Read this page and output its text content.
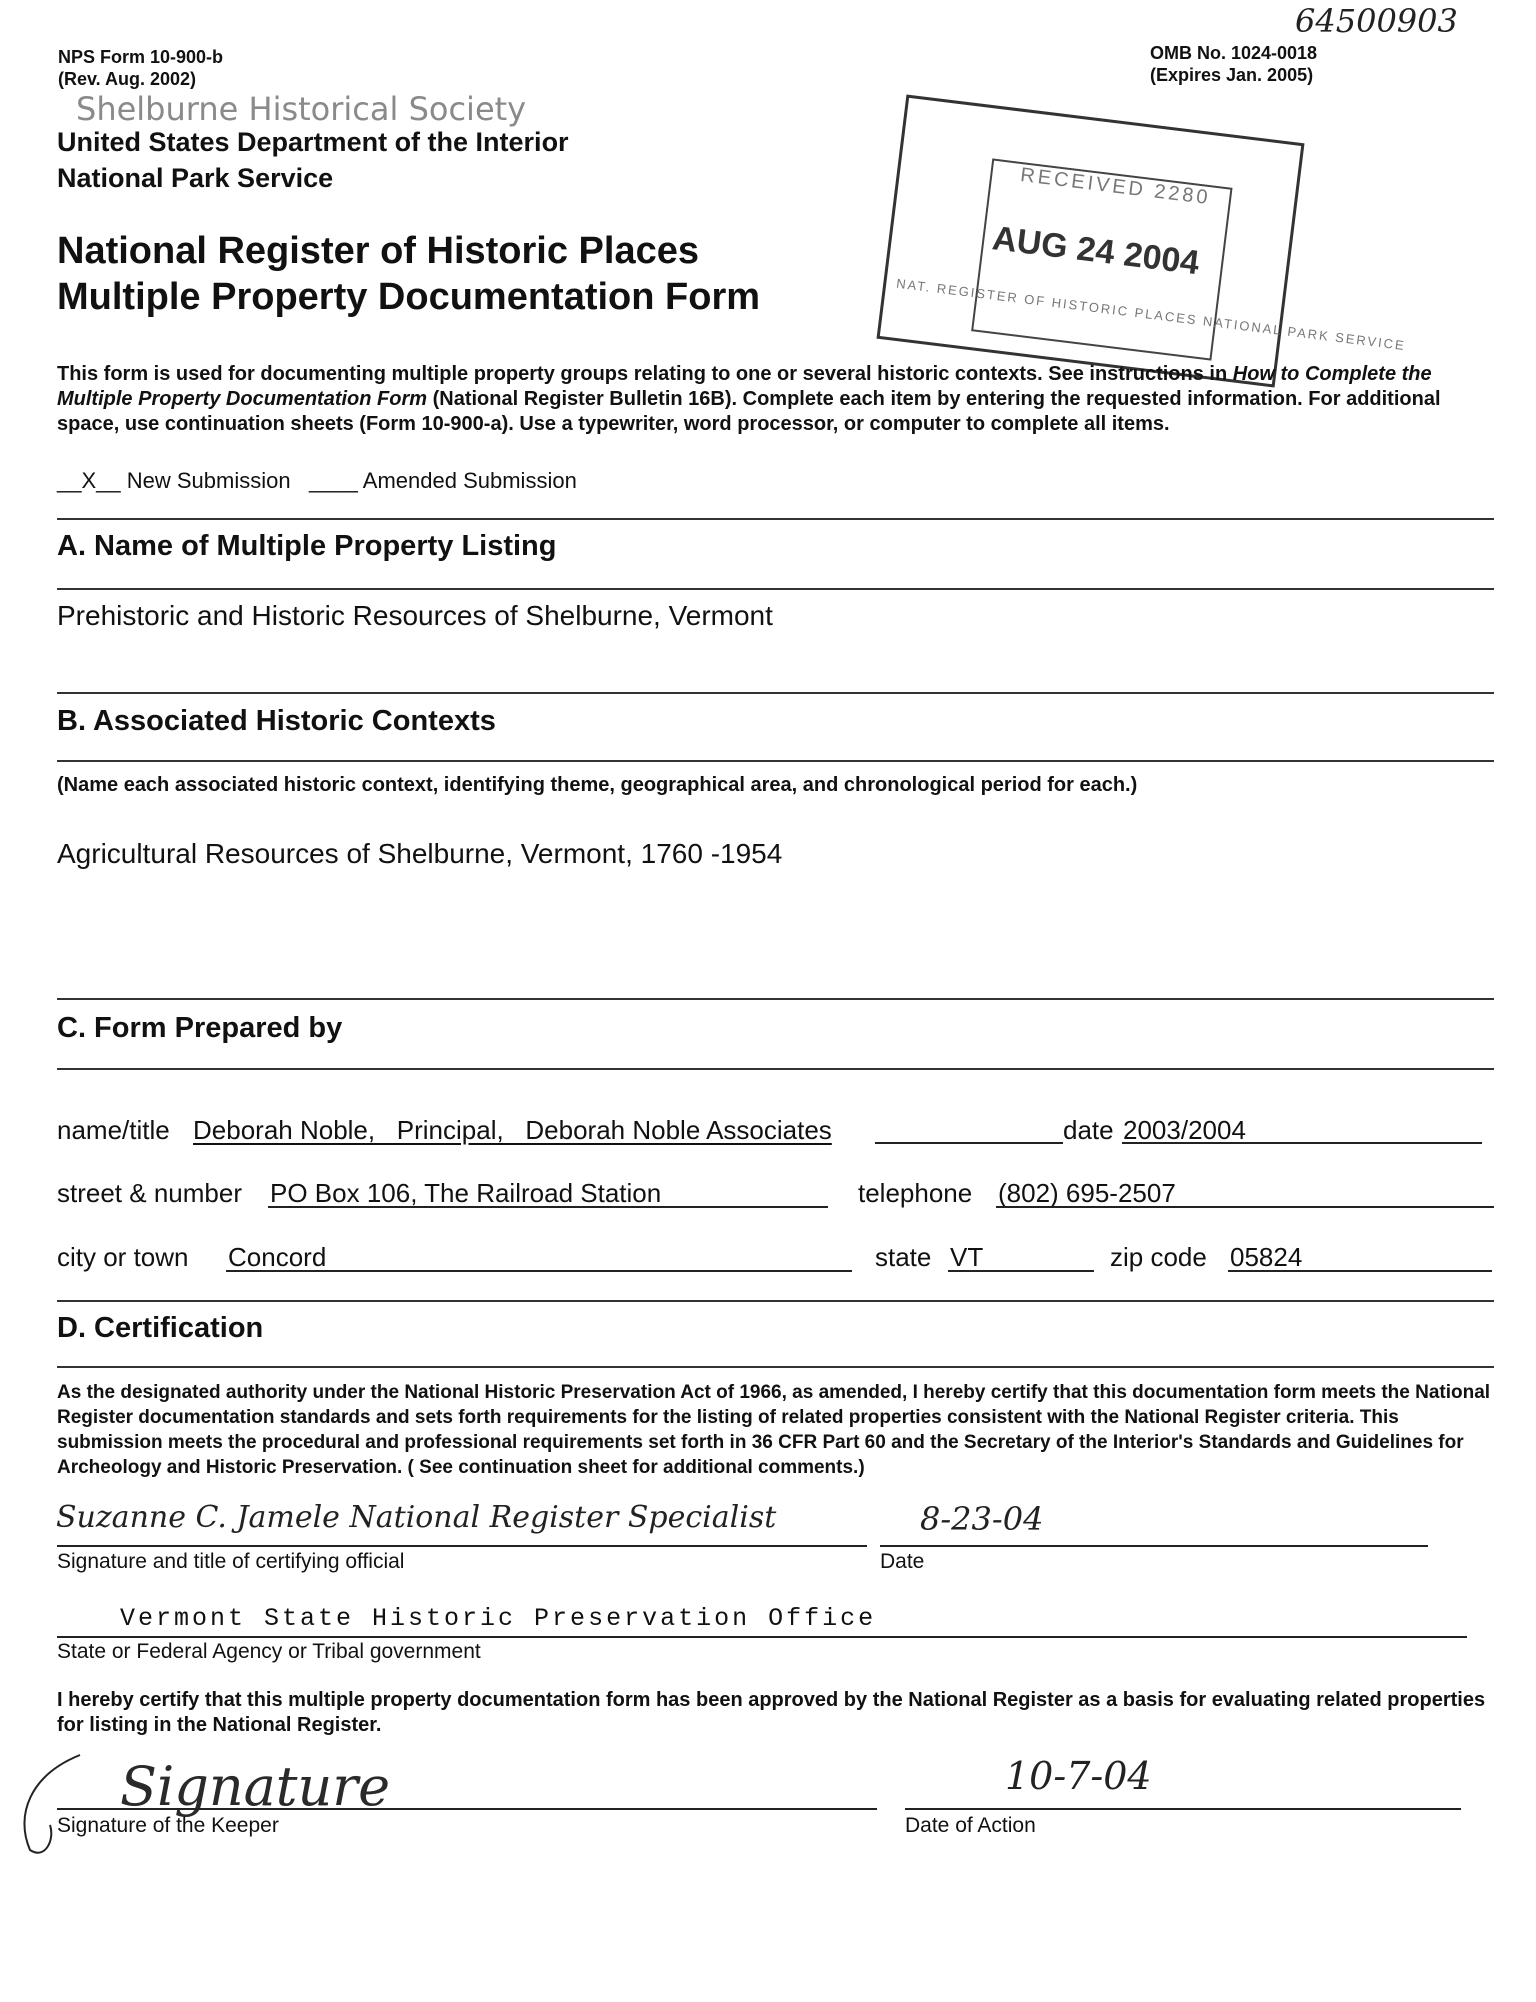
NPS Form 10-900-b
(Rev. Aug. 2002)
Shelburne Historical Society
United States Department of the Interior
National Park Service
OMB No. 1024-0018
(Expires Jan. 2005)
64500903
National Register of Historic Places
Multiple Property Documentation Form
RECEIVED 2280
AUG 24 2004
NAT. REGISTER OF HISTORIC PLACES NATIONAL PARK SERVICE
This form is used for documenting multiple property groups relating to one or several historic contexts. See instructions in How to Complete the Multiple Property Documentation Form (National Register Bulletin 16B). Complete each item by entering the requested information. For additional space, use continuation sheets (Form 10-900-a). Use a typewriter, word processor, or computer to complete all items.
__X__ New Submission ____ Amended Submission
A. Name of Multiple Property Listing
Prehistoric and Historic Resources of Shelburne, Vermont
B. Associated Historic Contexts
(Name each associated historic context, identifying theme, geographical area, and chronological period for each.)
Agricultural Resources of Shelburne, Vermont, 1760 -1954
C. Form Prepared by
name/title Deborah Noble,   Principal,   Deborah Noble Associates	date 2003/2004
street & number PO Box 106, The Railroad Station	telephone (802) 695-2507
city or town Concord	state VT	zip code 05824
D. Certification
As the designated authority under the National Historic Preservation Act of 1966, as amended, I hereby certify that this documentation form meets the National Register documentation standards and sets forth requirements for the listing of related properties consistent with the National Register criteria. This submission meets the procedural and professional requirements set forth in 36 CFR Part 60 and the Secretary of the Interior's Standards and Guidelines for Archeology and Historic Preservation. ( See continuation sheet for additional comments.)
Suzanne C. Jamele National Register Specialist
Signature and title of certifying official
8-23-04
Date
Vermont State Historic Preservation Office
State or Federal Agency or Tribal government
I hereby certify that this multiple property documentation form has been approved by the National Register as a basis for evaluating related properties for listing in the National Register.
Signature
Signature of the Keeper
10-7-04
Date of Action
